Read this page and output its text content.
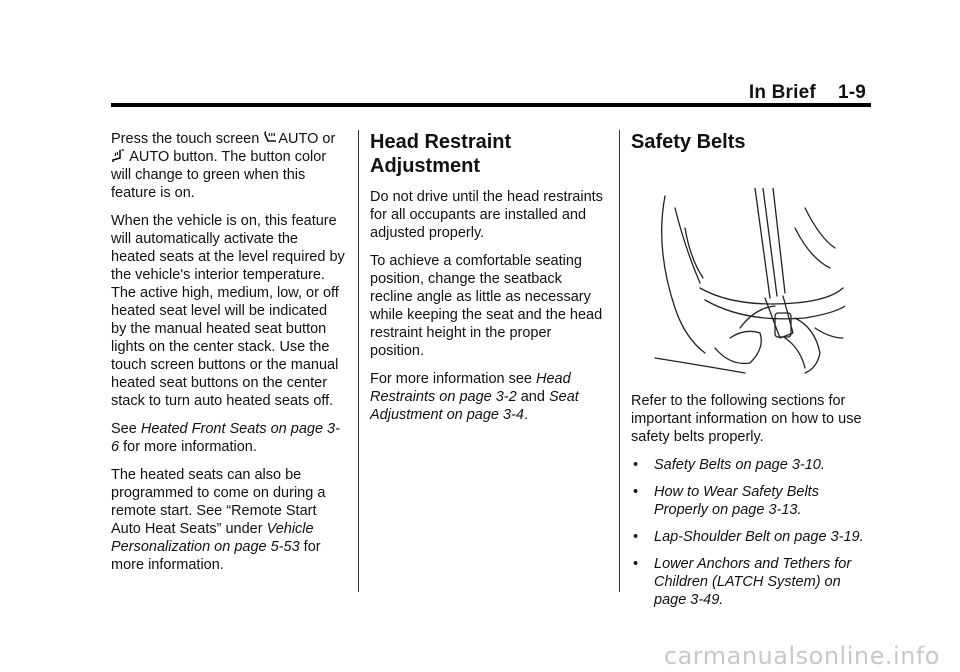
In Brief 1-9

Press the touch screen AUTO or
AUTO button. The button color will change to green when this feature is on.

When the vehicle is on, this feature will automatically activate the heated seats at the level required by the vehicle's interior temperature. The active high, medium, low, or off heated seat level will be indicated by the manual heated seat button lights on the center stack. Use the touch screen buttons or the manual heated seat buttons on the center stack to turn auto heated seats off.

See Heated Front Seats on page 3-6 for more information.

The heated seats can also be programmed to come on during a remote start. See “Remote Start Auto Heat Seats” under Vehicle Personalization on page 5-53 for more information.

Head Restraint Adjustment

Do not drive until the head restraints for all occupants are installed and adjusted properly.

To achieve a comfortable seating position, change the seatback recline angle as little as necessary while keeping the seat and the head restraint height in the proper position.

For more information see Head Restraints on page 3-2 and Seat Adjustment on page 3-4.

Safety Belts

Refer to the following sections for important information on how to use safety belts properly.

• Safety Belts on page 3-10.
• How to Wear Safety Belts Properly on page 3-13.
• Lap-Shoulder Belt on page 3-19.
• Lower Anchors and Tethers for Children (LATCH System) on page 3-49.
carmanualsonline.info
